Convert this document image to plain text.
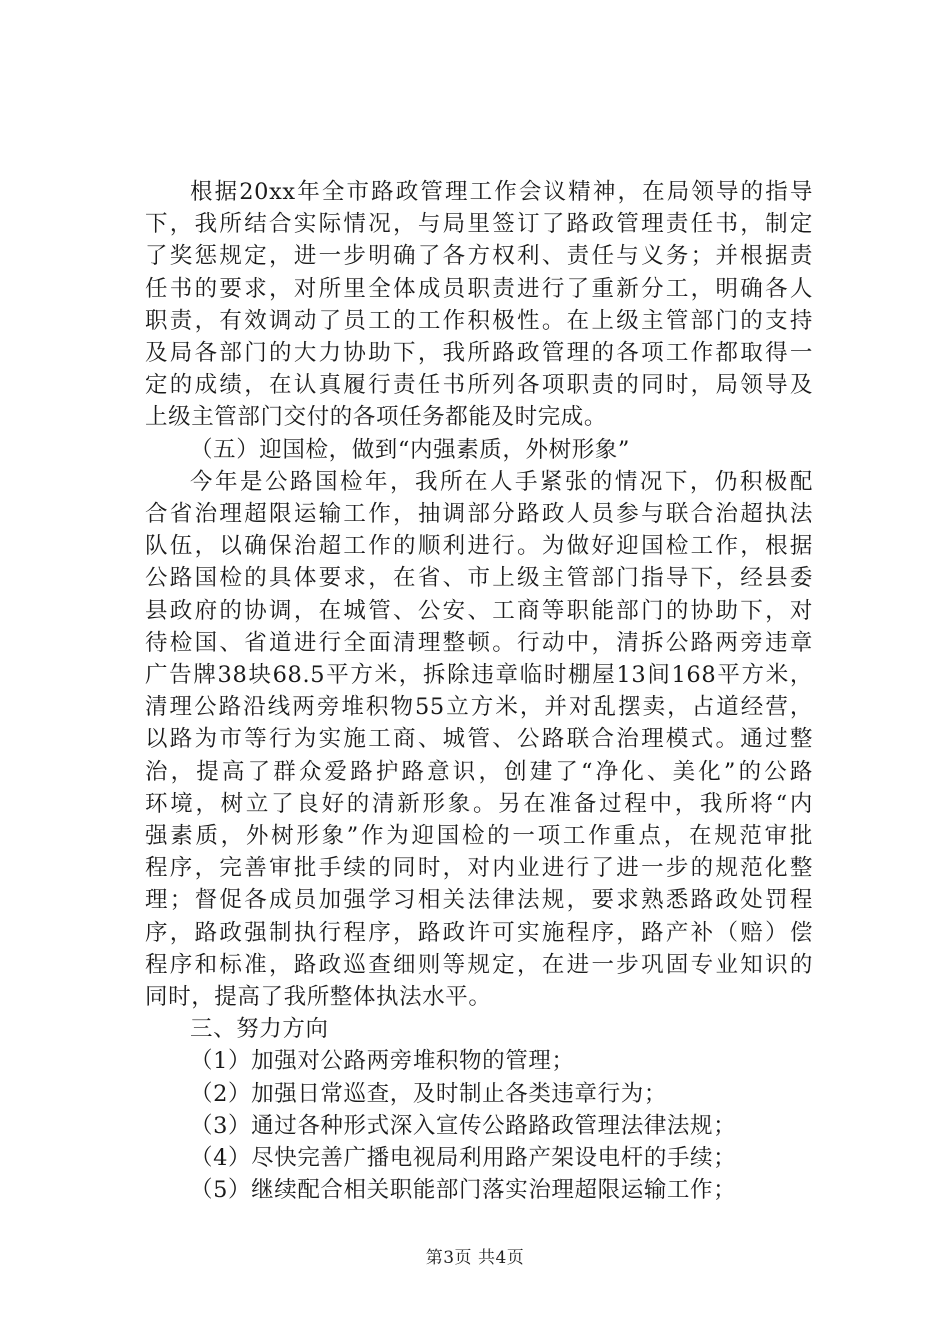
根据20xx年全市路政管理工作会议精神，在局领导的指导
下，我所结合实际情况，与局里签订了路政管理责任书，制定
了奖惩规定，进一步明确了各方权利、责任与义务；并根据责
任书的要求，对所里全体成员职责进行了重新分工，明确各人
职责，有效调动了员工的工作积极性。在上级主管部门的支持
及局各部门的大力协助下，我所路政管理的各项工作都取得一
定的成绩，在认真履行责任书所列各项职责的同时，局领导及
上级主管部门交付的各项任务都能及时完成。

（五）迎国检，做到“内强素质，外树形象”

今年是公路国检年，我所在人手紧张的情况下，仍积极配
合省治理超限运输工作，抽调部分路政人员参与联合治超执法
队伍，以确保治超工作的顺利进行。为做好迎国检工作，根据
公路国检的具体要求，在省、市上级主管部门指导下，经县委
县政府的协调，在城管、公安、工商等职能部门的协助下，对
待检国、省道进行全面清理整顿。行动中，清拆公路两旁违章
广告牌38块68.5平方米，拆除违章临时棚屋13间168平方米，
清理公路沿线两旁堆积物55立方米，并对乱摆卖，占道经营，
以路为市等行为实施工商、城管、公路联合治理模式。通过整
治，提高了群众爱路护路意识，创建了“净化、美化”的公路
环境，树立了良好的清新形象。另在准备过程中，我所将“内
强素质，外树形象”作为迎国检的一项工作重点，在规范审批
程序，完善审批手续的同时，对内业进行了进一步的规范化整
理；督促各成员加强学习相关法律法规，要求熟悉路政处罚程
序，路政强制执行程序，路政许可实施程序，路产补（赔）偿
程序和标准，路政巡查细则等规定，在进一步巩固专业知识的
同时，提高了我所整体执法水平。

三、努力方向

（1）加强对公路两旁堆积物的管理；

（2）加强日常巡查，及时制止各类违章行为；

（3）通过各种形式深入宣传公路路政管理法律法规；

（4）尽快完善广播电视局利用路产架设电杆的手续；

（5）继续配合相关职能部门落实治理超限运输工作；

第3页 共4页
